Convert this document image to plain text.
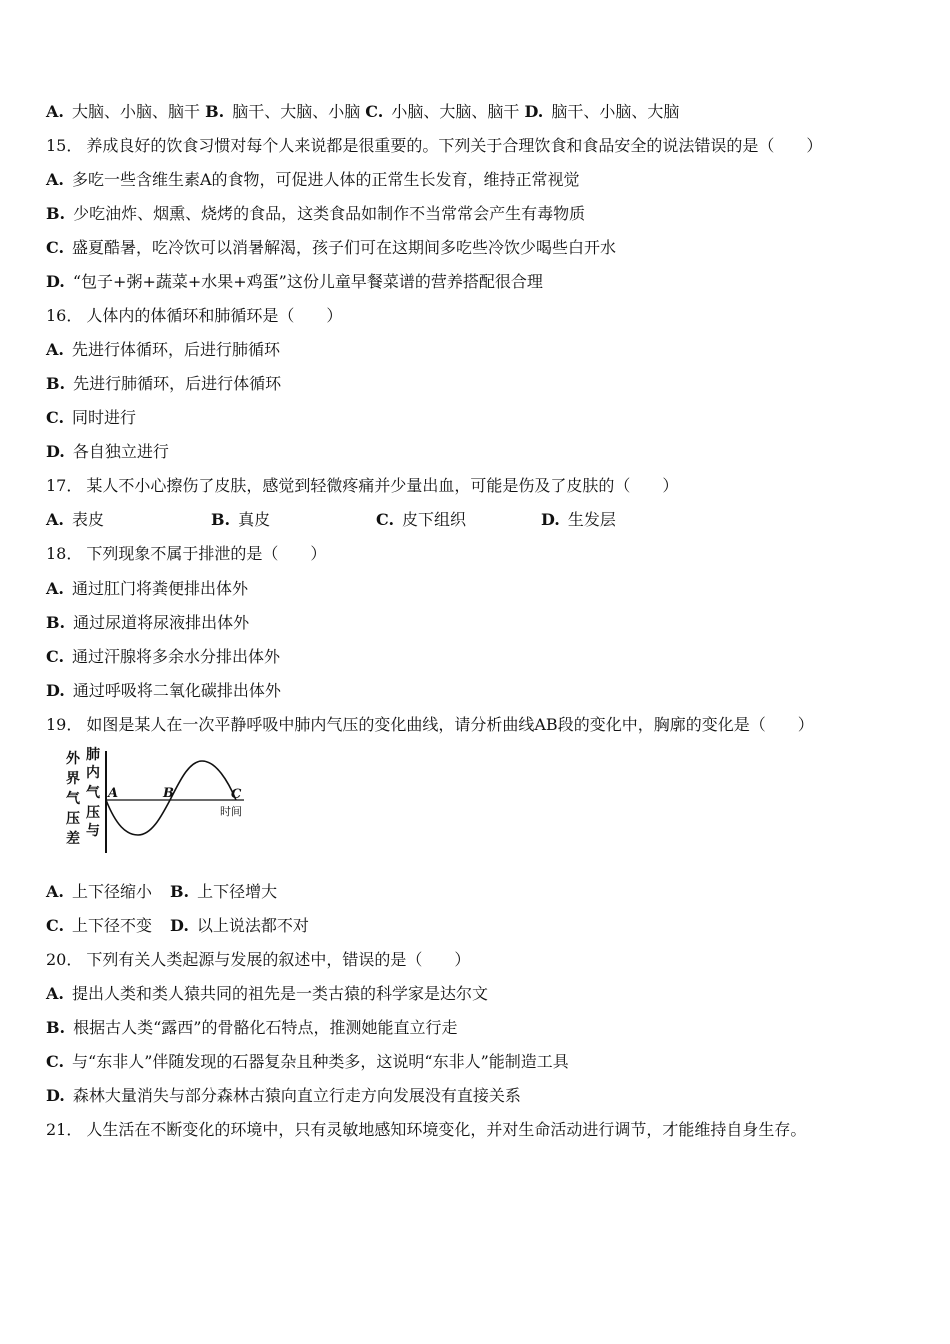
A. 大脑、小脑、脑干 B. 脑干、大脑、小脑 C. 小脑、大脑、脑干 D. 脑干、小脑、大脑
15． 养成良好的饮食习惯对每个人来说都是很重要的。下列关于合理饮食和食品安全的说法错误的是（　　）
A. 多吃一些含维生素A的食物，可促进人体的正常生长发育，维持正常视觉
B. 少吃油炸、烟熏、烧烤的食品，这类食品如制作不当常常会产生有毒物质
C. 盛夏酷暑，吃冷饮可以消暑解渴，孩子们可在这期间多吃些冷饮少喝些白开水
D. “包子+粥+蔬菜+水果+鸡蛋”这份儿童早餐菜谱的营养搭配很合理
16． 人体内的体循环和肺循环是（　　）
A. 先进行体循环，后进行肺循环
B. 先进行肺循环，后进行体循环
C. 同时进行
D. 各自独立进行
17． 某人不小心擦伤了皮肤，感觉到轻微疼痛并少量出血，可能是伤及了皮肤的（　　）
A. 表皮	B. 真皮	C. 皮下组织	D. 生发层
18． 下列现象不属于排泄的是（　　）
A. 通过肛门将粪便排出体外
B. 通过尿道将尿液排出体外
C. 通过汗腺将多余水分排出体外
D. 通过呼吸将二氧化碳排出体外
19． 如图是某人在一次平静呼吸中肺内气压的变化曲线，请分析曲线AB段的变化中，胸廓的变化是（　　）
外
界
气
压
差
肺
内
气
压
与
A	B	C
时间
A. 上下径缩小 B. 上下径增大
C. 上下径不变 D. 以上说法都不对
20． 下列有关人类起源与发展的叙述中，错误的是（　　）
A. 提出人类和类人猿共同的祖先是一类古猿的科学家是达尔文
B. 根据古人类“露西”的骨骼化石特点，推测她能直立行走
C. 与“东非人”伴随发现的石器复杂且种类多，这说明“东非人”能制造工具
D. 森林大量消失与部分森林古猿向直立行走方向发展没有直接关系
21． 人生活在不断变化的环境中，只有灵敏地感知环境变化，并对生命活动进行调节，才能维持自身生存。
